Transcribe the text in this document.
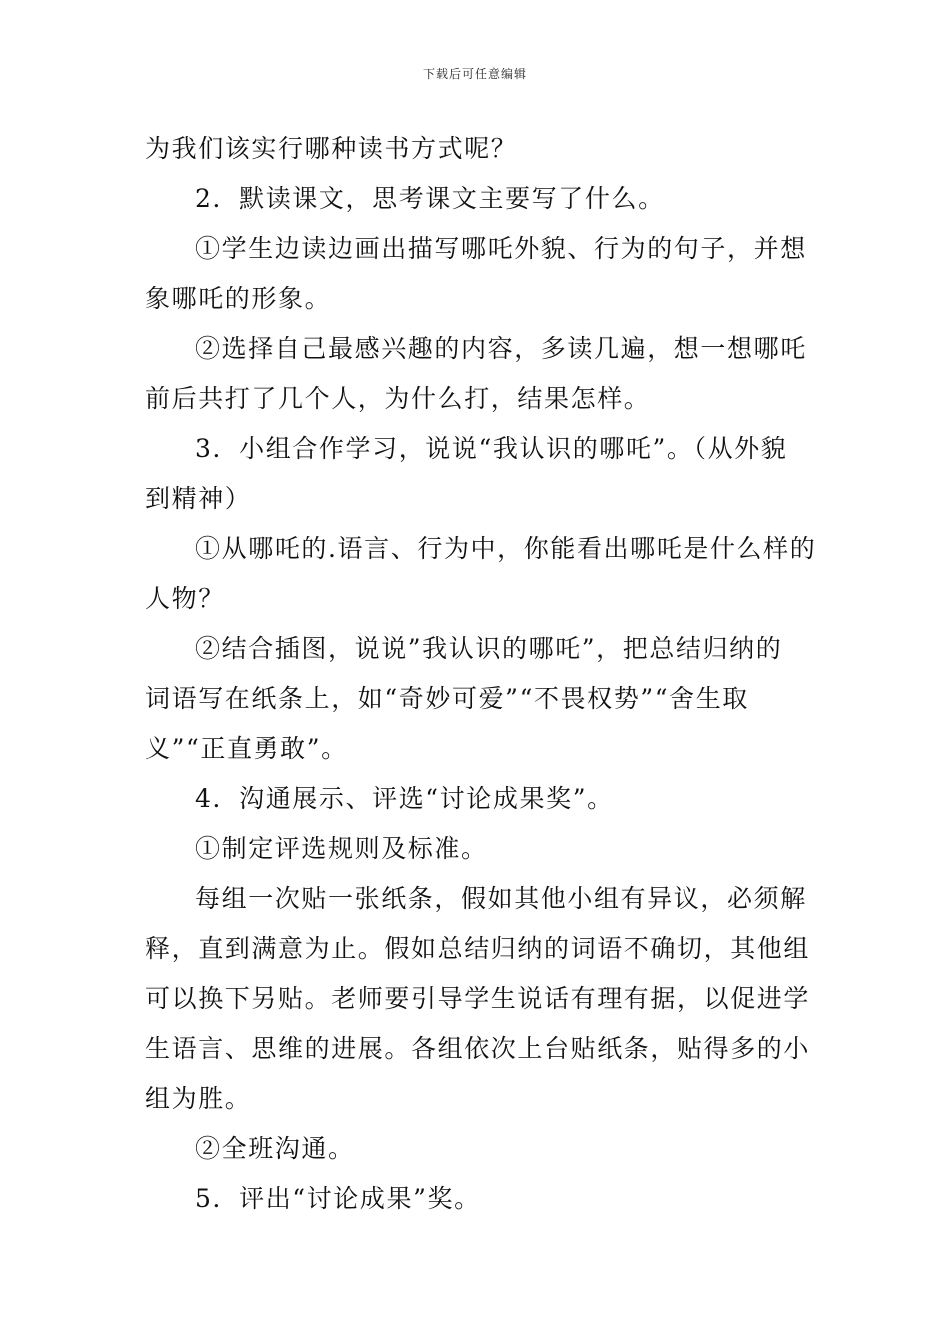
下载后可任意编辑

为我们该实行哪种读书方式呢？

2．默读课文，思考课文主要写了什么。

①学生边读边画出描写哪吒外貌、行为的句子，并想

象哪吒的形象。

②选择自己最感兴趣的内容，多读几遍，想一想哪吒

前后共打了几个人，为什么打，结果怎样。

3．小组合作学习，说说“我认识的哪吒”。（从外貌

到精神）

①从哪吒的.语言、行为中，你能看出哪吒是什么样的

人物？

②结合插图，说说”我认识的哪吒”，把总结归纳的

词语写在纸条上，如“奇妙可爱”“不畏权势”“舍生取

义”“正直勇敢”。

4．沟通展示、评选“讨论成果奖”。

①制定评选规则及标准。

每组一次贴一张纸条，假如其他小组有异议，必须解

释，直到满意为止。假如总结归纳的词语不确切，其他组

可以换下另贴。老师要引导学生说话有理有据，以促进学

生语言、思维的进展。各组依次上台贴纸条，贴得多的小

组为胜。

②全班沟通。

5．评出“讨论成果”奖。
